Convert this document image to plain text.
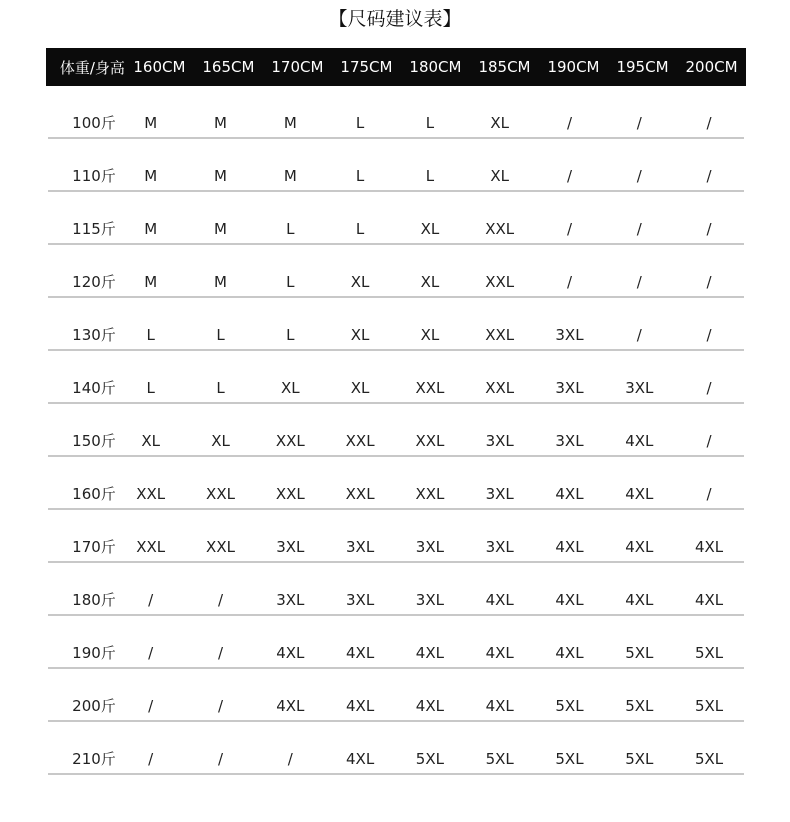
【尺码建议表】
体重/身高 160CM	165CM	170CM	175CM	180CM	185CM	190CM	195CM	200CM
100斤	M	M	M	L	L	XL	/	/	/
110斤	M	M	M	L	L	XL	/	/	/
115斤	M	M	L	L	XL	XXL	/	/	/
120斤	M	M	L	XL	XL	XXL	/	/	/
130斤	L	L	L	XL	XL	XXL	3XL	/	/
140斤	L	L	XL	XL	XXL	XXL	3XL	3XL	/
150斤	XL	XL	XXL	XXL	XXL	3XL	3XL	4XL	/
160斤	XXL	XXL	XXL	XXL	XXL	3XL	4XL	4XL	/
170斤	XXL	XXL	3XL	3XL	3XL	3XL	4XL	4XL	4XL
180斤	/	/	3XL	3XL	3XL	4XL	4XL	4XL	4XL
190斤	/	/	4XL	4XL	4XL	4XL	4XL	5XL	5XL
200斤	/	/	4XL	4XL	4XL	4XL	5XL	5XL	5XL
210斤	/	/	/	4XL	5XL	5XL	5XL	5XL	5XL
